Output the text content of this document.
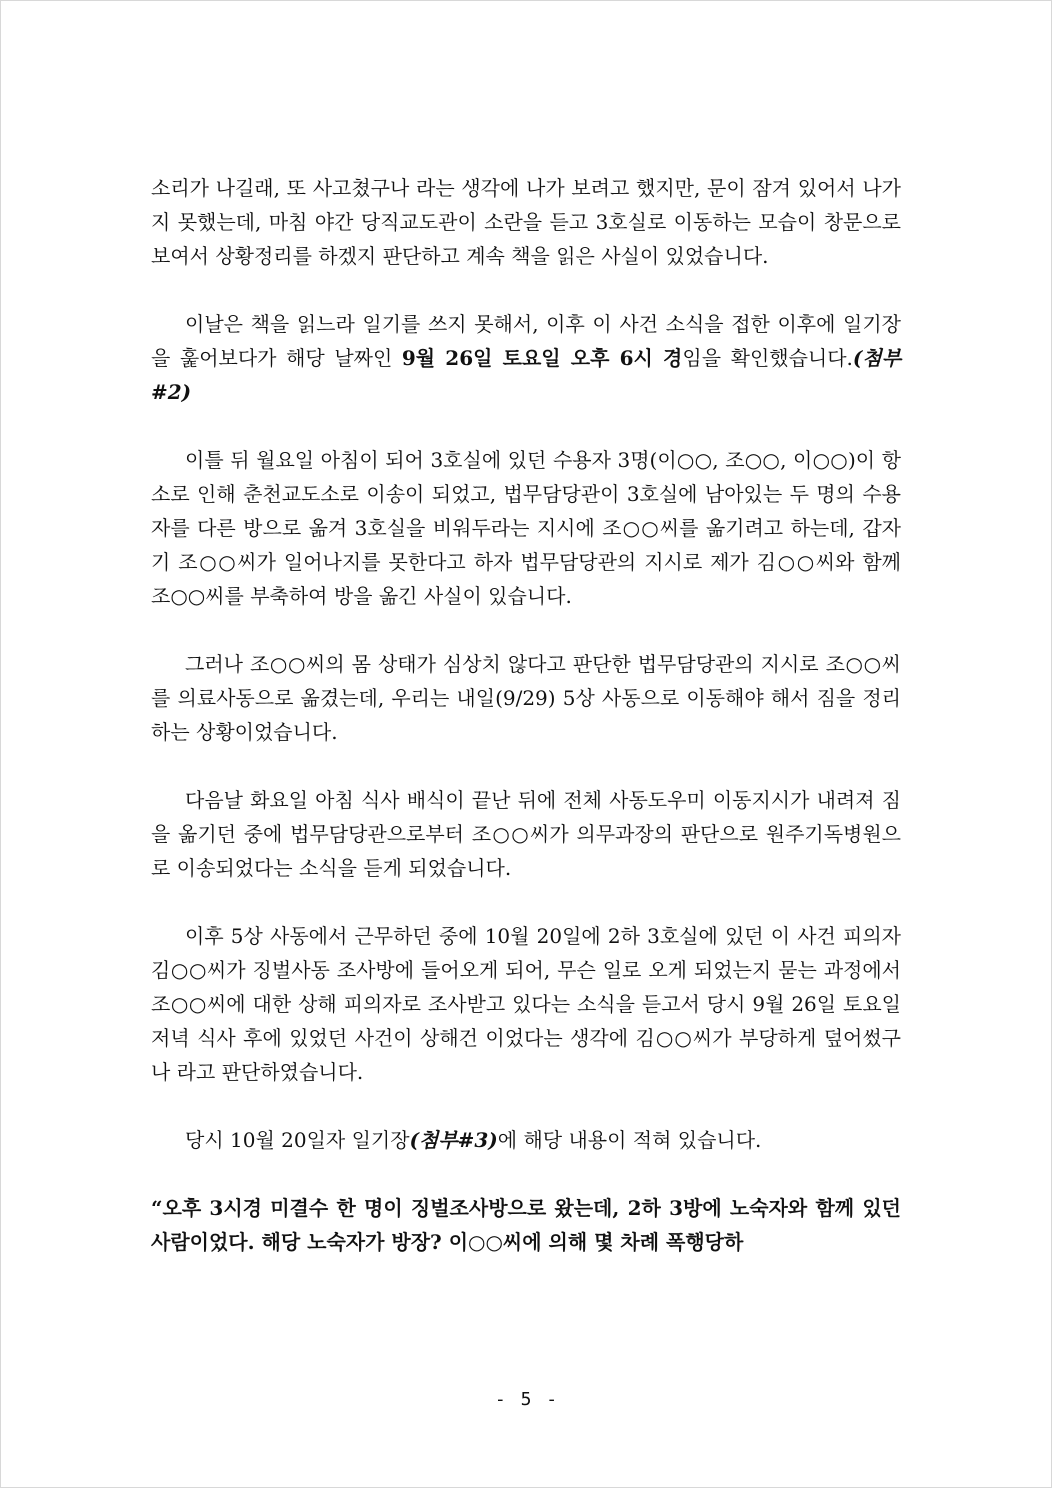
소리가 나길래, 또 사고쳤구나 라는 생각에 나가 보려고 했지만, 문이 잠겨 있어서 나가지 못했는데, 마침 야간 당직교도관이 소란을 듣고 3호실로 이동하는 모습이 창문으로 보여서 상황정리를 하겠지 판단하고 계속 책을 읽은 사실이 있었습니다.

이날은 책을 읽느라 일기를 쓰지 못해서, 이후 이 사건 소식을 접한 이후에 일기장을 훑어보다가 해당 날짜인 9월 26일 토요일 오후 6시 경임을 확인했습니다.(첨부#2)

이틀 뒤 월요일 아침이 되어 3호실에 있던 수용자 3명(이○○, 조○○, 이○○)이 항소로 인해 춘천교도소로 이송이 되었고, 법무담당관이 3호실에 남아있는 두 명의 수용자를 다른 방으로 옮겨 3호실을 비워두라는 지시에 조○○씨를 옮기려고 하는데, 갑자기 조○○씨가 일어나지를 못한다고 하자 법무담당관의 지시로 제가 김○○씨와 함께 조○○씨를 부축하여 방을 옮긴 사실이 있습니다.

그러나 조○○씨의 몸 상태가 심상치 않다고 판단한 법무담당관의 지시로 조○○씨를 의료사동으로 옮겼는데, 우리는 내일(9/29) 5상 사동으로 이동해야 해서 짐을 정리하는 상황이었습니다.

다음날 화요일 아침 식사 배식이 끝난 뒤에 전체 사동도우미 이동지시가 내려져 짐을 옮기던 중에 법무담당관으로부터 조○○씨가 의무과장의 판단으로 원주기독병원으로 이송되었다는 소식을 듣게 되었습니다.

이후 5상 사동에서 근무하던 중에 10월 20일에 2하 3호실에 있던 이 사건 피의자 김○○씨가 징벌사동 조사방에 들어오게 되어, 무슨 일로 오게 되었는지 묻는 과정에서 조○○씨에 대한 상해 피의자로 조사받고 있다는 소식을 듣고서 당시 9월 26일 토요일 저녁 식사 후에 있었던 사건이 상해건 이었다는 생각에 김○○씨가 부당하게 덮어썼구나 라고 판단하였습니다.

당시 10월 20일자 일기장(첨부#3)에 해당 내용이 적혀 있습니다.

“오후 3시경 미결수 한 명이 징벌조사방으로 왔는데, 2하 3방에 노숙자와 함께 있던 사람이었다. 해당 노숙자가 방장? 이○○씨에 의해 몇 차례 폭행당하

- 5 -
